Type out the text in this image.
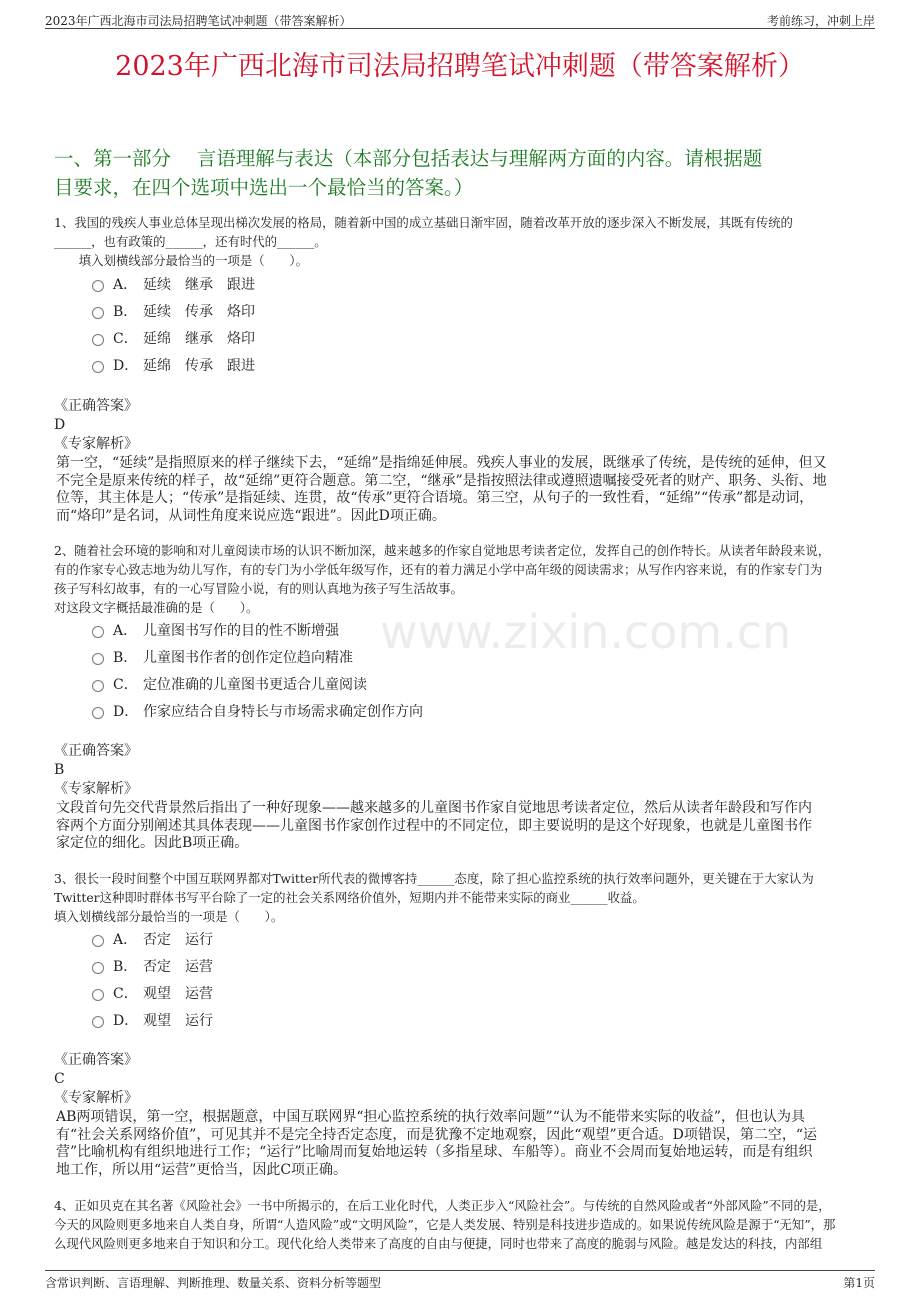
2023年广西北海市司法局招聘笔试冲刺题（带答案解析）	考前练习，冲刺上岸
2023年广西北海市司法局招聘笔试冲刺题（带答案解析）
一、第一部分　 言语理解与表达（本部分包括表达与理解两方面的内容。请根据题
目要求，在四个选项中选出一个最恰当的答案。）
www.zixin.com.cn
1、我国的残疾人事业总体呈现出梯次发展的格局，随着新中国的成立基础日渐牢固，随着改革开放的逐步深入不断发展，其既有传统的
______，也有政策的______，还有时代的______。
　　填入划横线部分最恰当的一项是（　　）。
A． 延续　继承　跟进
B． 延续　传承　烙印
C． 延绵　继承　烙印
D． 延绵　传承　跟进
《正确答案》
D
《专家解析》
第一空，“延续”是指照原来的样子继续下去，“延绵”是指绵延伸展。残疾人事业的发展，既继承了传统，是传统的延伸，但又
不完全是原来传统的样子，故“延绵”更符合题意。第二空，“继承”是指按照法律或遵照遗嘱接受死者的财产、职务、头衔、地
位等，其主体是人；“传承”是指延续、连贯，故“传承”更符合语境。第三空，从句子的一致性看，“延绵”“传承”都是动词，
而“烙印”是名词，从词性角度来说应选“跟进”。因此D项正确。
2、随着社会环境的影响和对儿童阅读市场的认识不断加深，越来越多的作家自觉地思考读者定位，发挥自己的创作特长。从读者年龄段来说，
有的作家专心致志地为幼儿写作，有的专门为小学低年级写作，还有的着力满足小学中高年级的阅读需求；从写作内容来说，有的作家专门为
孩子写科幻故事，有的一心写冒险小说，有的则认真地为孩子写生活故事。
对这段文字概括最准确的是（　　）。
A． 儿童图书写作的目的性不断增强
B． 儿童图书作者的创作定位趋向精准
C． 定位准确的儿童图书更适合儿童阅读
D． 作家应结合自身特长与市场需求确定创作方向
《正确答案》
B
《专家解析》
文段首句先交代背景然后指出了一种好现象——越来越多的儿童图书作家自觉地思考读者定位，然后从读者年龄段和写作内
容两个方面分别阐述其具体表现——儿童图书作家创作过程中的不同定位，即主要说明的是这个好现象，也就是儿童图书作
家定位的细化。因此B项正确。
3、很长一段时间整个中国互联网界都对Twitter所代表的微博客持______态度，除了担心监控系统的执行效率问题外，更关键在于大家认为
Twitter这种即时群体书写平台除了一定的社会关系网络价值外，短期内并不能带来实际的商业______收益。
填入划横线部分最恰当的一项是（　　）。
A． 否定　运行
B． 否定　运营
C． 观望　运营
D． 观望　运行
《正确答案》
C
《专家解析》
AB两项错误，第一空，根据题意，中国互联网界“担心监控系统的执行效率问题”“认为不能带来实际的收益”，但也认为具
有“社会关系网络价值”，可见其并不是完全持否定态度，而是犹豫不定地观察，因此“观望”更合适。D项错误，第二空，“运
营”比喻机构有组织地进行工作；“运行”比喻周而复始地运转（多指星球、车船等）。商业不会周而复始地运转，而是有组织
地工作，所以用“运营”更恰当，因此C项正确。
4、正如贝克在其名著《风险社会》一书中所揭示的，在后工业化时代，人类正步入“风险社会”。与传统的自然风险或者“外部风险”不同的是，
今天的风险则更多地来自人类自身，所谓“人造风险”或“文明风险”，它是人类发展、特别是科技进步造成的。如果说传统风险是源于“无知”，那
么现代风险则更多地来自于知识和分工。现代化给人类带来了高度的自由与便捷，同时也带来了高度的脆弱与风险。越是发达的科技，内部组
含常识判断、言语理解、判断推理、数量关系、资料分析等题型	第1页
